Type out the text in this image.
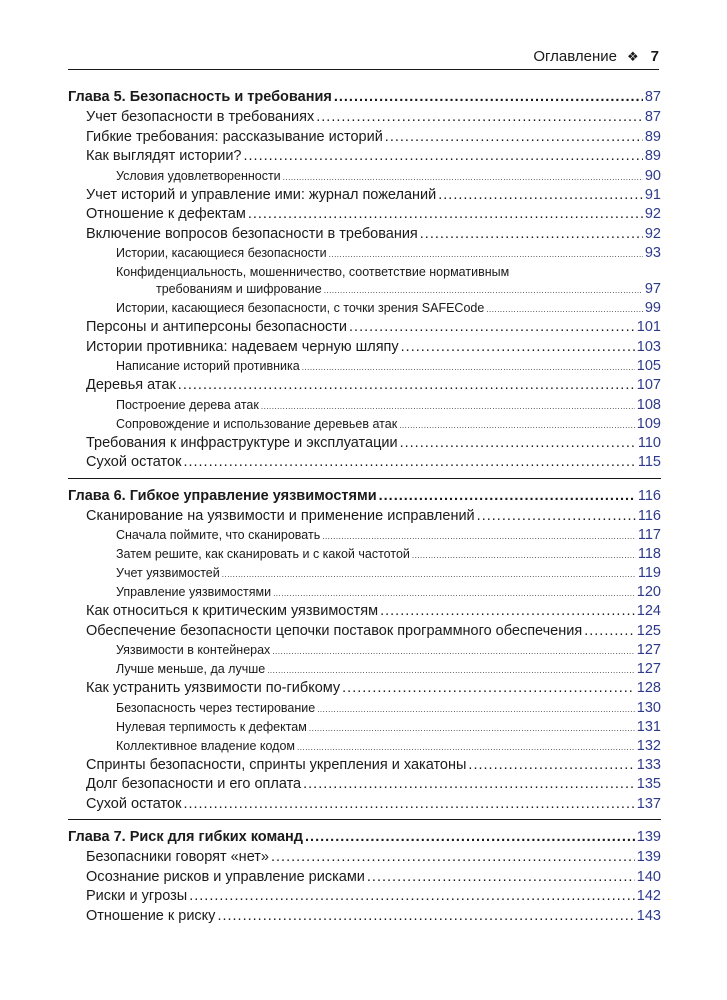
Оглавление ❖ 7
Глава 5. Безопасность и требования .....	87
Учет безопасности в требованиях .....	87
Гибкие требования: рассказывание историй .....	89
Как выглядят истории? .....	89
Условия удовлетворенности .....	90
Учет историй и управление ими: журнал пожеланий .....	91
Отношение к дефектам .....	92
Включение вопросов безопасности в требования .....	92
Истории, касающиеся безопасности .....	93
Конфиденциальность, мошенничество, соответствие нормативным
требованиям и шифрование .....	97
Истории, касающиеся безопасности, с точки зрения SAFECode .....	99
Персоны и антиперсоны безопасности .....	101
Истории противника: надеваем черную шляпу .....	103
Написание историй противника .....	105
Деревья атак .....	107
Построение дерева атак .....	108
Сопровождение и использование деревьев атак .....	109
Требования к инфраструктуре и эксплуатации .....	110
Сухой остаток .....	115
Глава 6. Гибкое управление уязвимостями .....	116
Сканирование на уязвимости и применение исправлений .....	116
Сначала поймите, что сканировать .....	117
Затем решите, как сканировать и с какой частотой .....	118
Учет уязвимостей .....	119
Управление уязвимостями .....	120
Как относиться к критическим уязвимостям .....	124
Обеспечение безопасности цепочки поставок программного обеспечения .....	125
Уязвимости в контейнерах .....	127
Лучше меньше, да лучше .....	127
Как устранить уязвимости по-гибкому .....	128
Безопасность через тестирование .....	130
Нулевая терпимость к дефектам .....	131
Коллективное владение кодом .....	132
Спринты безопасности, спринты укрепления и хакатоны .....	133
Долг безопасности и его оплата .....	135
Сухой остаток .....	137
Глава 7. Риск для гибких команд .....	139
Безопасники говорят «нет» .....	139
Осознание рисков и управление рисками .....	140
Риски и угрозы .....	142
Отношение к риску .....	143
